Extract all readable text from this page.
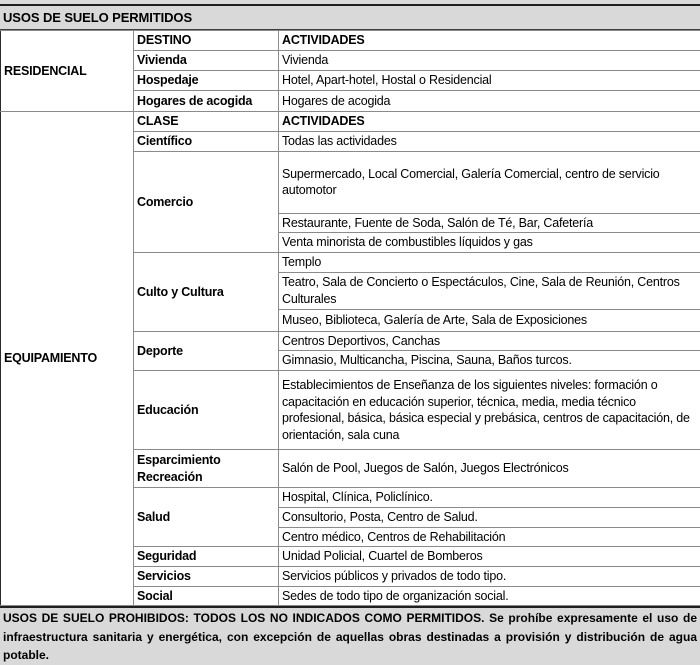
USOS DE SUELO PERMITIDOS
RESIDENCIAL	DESTINO	ACTIVIDADES
	Vivienda	Vivienda
	Hospedaje	Hotel, Apart-hotel, Hostal o Residencial
	Hogares de acogida	Hogares de acogida
EQUIPAMIENTO	CLASE	ACTIVIDADES
	Científico	Todas las actividades
	Comercio	Supermercado, Local Comercial, Galería Comercial, centro de servicio automotor
		Restaurante, Fuente de Soda, Salón de Té, Bar, Cafetería
		Venta minorista de combustibles líquidos y gas
	Culto y Cultura	Templo
		Teatro, Sala de Concierto o Espectáculos, Cine, Sala de Reunión, Centros Culturales
		Museo, Biblioteca, Galería de Arte, Sala de Exposiciones
	Deporte	Centros Deportivos, Canchas
		Gimnasio, Multicancha, Piscina, Sauna, Baños turcos.
	Educación	Establecimientos de Enseñanza de los siguientes niveles: formación o capacitación en educación superior, técnica, media, media técnico profesional, básica, básica especial y prebásica, centros de capacitación, de orientación, sala cuna
	Esparcimiento Recreación	Salón de Pool, Juegos de Salón, Juegos Electrónicos
	Salud	Hospital, Clínica, Policlínico.
		Consultorio, Posta, Centro de Salud.
		Centro médico, Centros de Rehabilitación
	Seguridad	Unidad Policial, Cuartel de Bomberos
	Servicios	Servicios públicos y privados de todo tipo.
	Social	Sedes de todo tipo de organización social.
USOS DE SUELO PROHIBIDOS: TODOS LOS NO INDICADOS COMO PERMITIDOS. Se prohíbe expresamente el uso de infraestructura sanitaria y energética, con excepción de aquellas obras destinadas a provisión y distribución de agua potable.
